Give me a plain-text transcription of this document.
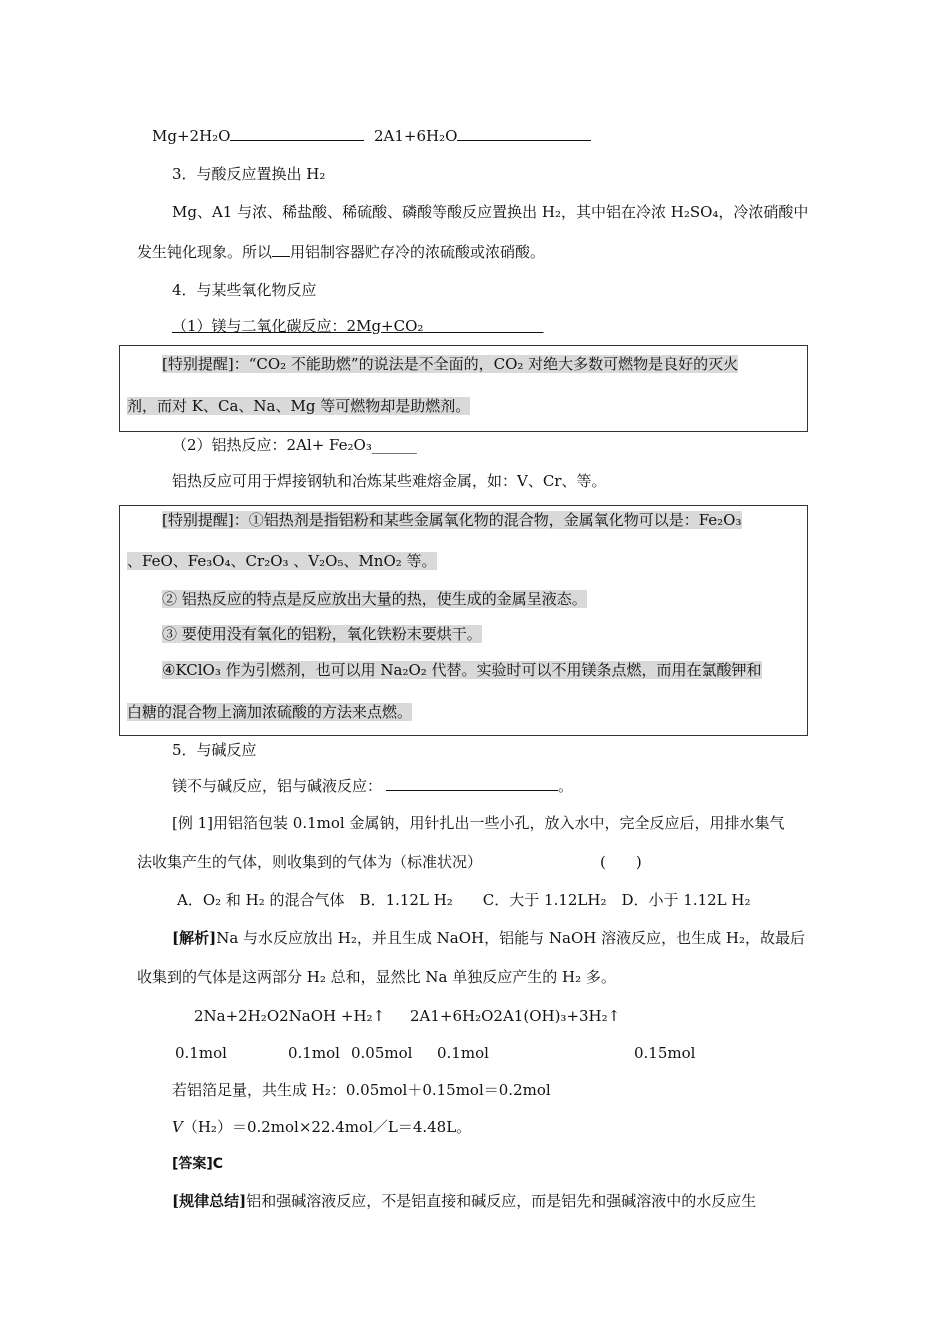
Mg+2H₂O	2A1+6H₂O
3．与酸反应置换出 H₂
Mg、A1 与浓、稀盐酸、稀硫酸、磷酸等酸反应置换出 H₂，其中铝在冷浓 H₂SO₄，冷浓硝酸中
发生钝化现象。所以 用铝制容器贮存冷的浓硫酸或浓硝酸。
4．与某些氧化物反应
（1）镁与二氧化碳反应：2Mg+CO₂　　　　　　　　
[特别提醒]：“CO₂ 不能助燃”的说法是不全面的，CO₂ 对绝大多数可燃物是良好的灭火
剂，而对 K、Ca、Na、Mg 等可燃物却是助燃剂。
（2）铝热反应：2Al+ Fe₂O₃______
铝热反应可用于焊接钢轨和冶炼某些难熔金属，如：V、Cr、等。
[特别提醒]：①铝热剂是指铝粉和某些金属氧化物的混合物，金属氧化物可以是：Fe₂O₃
、FeO、Fe₃O₄、Cr₂O₃ 、V₂O₅、MnO₂ 等。
② 铝热反应的特点是反应放出大量的热，使生成的金属呈液态。
③ 要使用没有氧化的铝粉，氧化铁粉末要烘干。
④KClO₃ 作为引燃剂，也可以用 Na₂O₂ 代替。实验时可以不用镁条点燃，而用在氯酸钾和
白糖的混合物上滴加浓硫酸的方法来点燃。
5．与碱反应
镁不与碱反应，铝与碱液反应：	。
[例 1]用铝箔包装 0.1mol 金属钠，用针扎出一些小孔，放入水中，完全反应后，用排水集气
法收集产生的气体，则收集到的气体为（标准状况）	(　　)
A．O₂ 和 H₂ 的混合气体　B．1.12L H₂　　C．大于 1.12LH₂　D．小于 1.12L H₂
[解析]Na 与水反应放出 H₂，并且生成 NaOH，铝能与 NaOH 溶液反应，也生成 H₂，故最后
收集到的气体是这两部分 H₂ 总和，显然比 Na 单独反应产生的 H₂ 多。
2Na+2H₂O2NaOH +H₂↑ 2A1+6H₂O2A1(OH)₃+3H₂↑
0.1mol	0.1mol 0.05mol 0.1mol	0.15mol
若铝箔足量，共生成 H₂：0.05mol＋0.15mol＝0.2mol
V（H₂）＝0.2mol×22.4mol／L＝4.48L。
[答案]C
[规律总结]铝和强碱溶液反应，不是铝直接和碱反应，而是铝先和强碱溶液中的水反应生
